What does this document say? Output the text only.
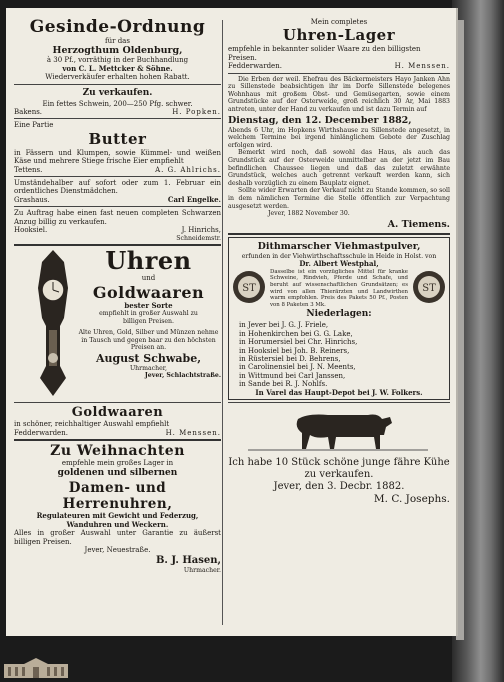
Gesinde-Ordnung
für das
Herzogthum Oldenburg,
à 30 Pf., vorräthig in der Buchhandlung
von C. L. Mettcker & Söhne.
Wiederverkäufer erhalten hohen Rabatt.
Zu verkaufen.
Ein fettes Schwein, 200—250 Pfg. schwer.
Bakens.	H. Popken.
Eine Partie
Butter
in Fässern und Klumpen, sowie Kümmel- und weißen Käse und mehrere Stiege frische Eier empfiehlt
Tettens.	A. G. Ahlrichs.
Umständehalber auf sofort oder zum 1. Februar ein ordentliches Dienstmädchen.
Grashaus.	Carl Engelke.
Zu Auftrag habe einen fast neuen completen Schwarzen Anzug billig zu verkaufen.
Hooksiel.	J. Hinrichs,
Schneidemstr.
Uhren
und
Goldwaaren
bester Sorte
empfiehlt in großer Auswahl zu
billigen Preisen.
Alte Uhren, Gold, Silber und Münzen nehme in Tausch und gegen baar zu den höchsten Preisen an.
August Schwabe,
Uhrmacher,
Jever, Schlachtstraße.
Goldwaaren
in schöner, reichhaltiger Auswahl empfiehlt
Fedderwarden.	H. Menssen.
Zu Weihnachten
empfehle mein großes Lager in
goldenen und silbernen
Damen- und Herrenuhren,
Regulateuren mit Gewicht und Federzug,
Wanduhren und Weckern.
Alles in großer Auswahl unter Garantie zu äußerst billigen Preisen.
Jever, Neuestraße.
B. J. Hasen,
Uhrmacher.
Mein completes
Uhren-Lager
empfehle in bekannter solider Waare zu den billigsten Preisen.
Fedderwarden.	H. Menssen.
Die Erben der weil. Ehefrau des Bäckermeisters Hayo Janken Ahn zu Sillenstede beabsichtigen ihr im Dorfe Sillenstede belegenes Wohnhaus mit großem Obst- und Gemüsegarten, sowie einem Grundstücke auf der Osterweide, groß reichlich 30 Ar, Mai 1883 antreten, unter der Hand zu verkaufen und ist dazu Termin auf
Dienstag, den 12. December 1882,
Abends 6 Uhr, im Hopkens Wirthshause zu Sillenstede angesetzt, in welchem Termine bei irgend hinlänglichem Gebote der Zuschlag erfolgen wird.
Bemerkt wird noch, daß sowohl das Haus, als auch das Grundstück auf der Osterweide unmittelbar an der jetzt im Bau befindlichen Chaussee liegen und daß das zuletzt erwähnte Grundstück, welches auch getrennt verkauft werden kann, sich deshalb vorzüglich zu einem Bauplatz eignet.
Sollte wider Erwarten der Verkauf nicht zu Stande kommen, so soll in dem nämlichen Termine die Stelle öffentlich zur Verpachtung ausgesetzt werden.
Jever, 1882 November 30.
A. Tiemens.
Dithmarscher Viehmastpulver,
erfunden in der Viehwirthschaftsschule in Heide in Holst. von
Dr. Albert Westphal,
ST
Dasselbe ist ein vorzügliches Mittel für kranke Schweine, Rindvieh, Pferde und Schafe, und beruht auf wissenschaftlichen Grundsätzen; es wird von allen Thierärzten und Landwirthen warm empfohlen. Preis des Pakets 50 Pf., Posten von 8 Paketen 3 Mk.
ST
Niederlagen:
in Jever bei J. G. J. Friele,
in Hohenkirchen bei G. G. Lake,
in Horumersiel bei Chr. Hinrichs,
in Hooksiel bei Joh. B. Reiners,
in Rüstersiel bei D. Behrens,
in Carolinensiel bei J. N. Meents,
in Wittmund bei Carl Janssen,
in Sande bei R. J. Nohlfs.
In Varel das Haupt-Depot bei J. W. Folkers.
Ich habe 10 Stück schöne junge fähre Kühe zu verkaufen.
Jever, den 3. Decbr. 1882.
M. C. Josephs.
